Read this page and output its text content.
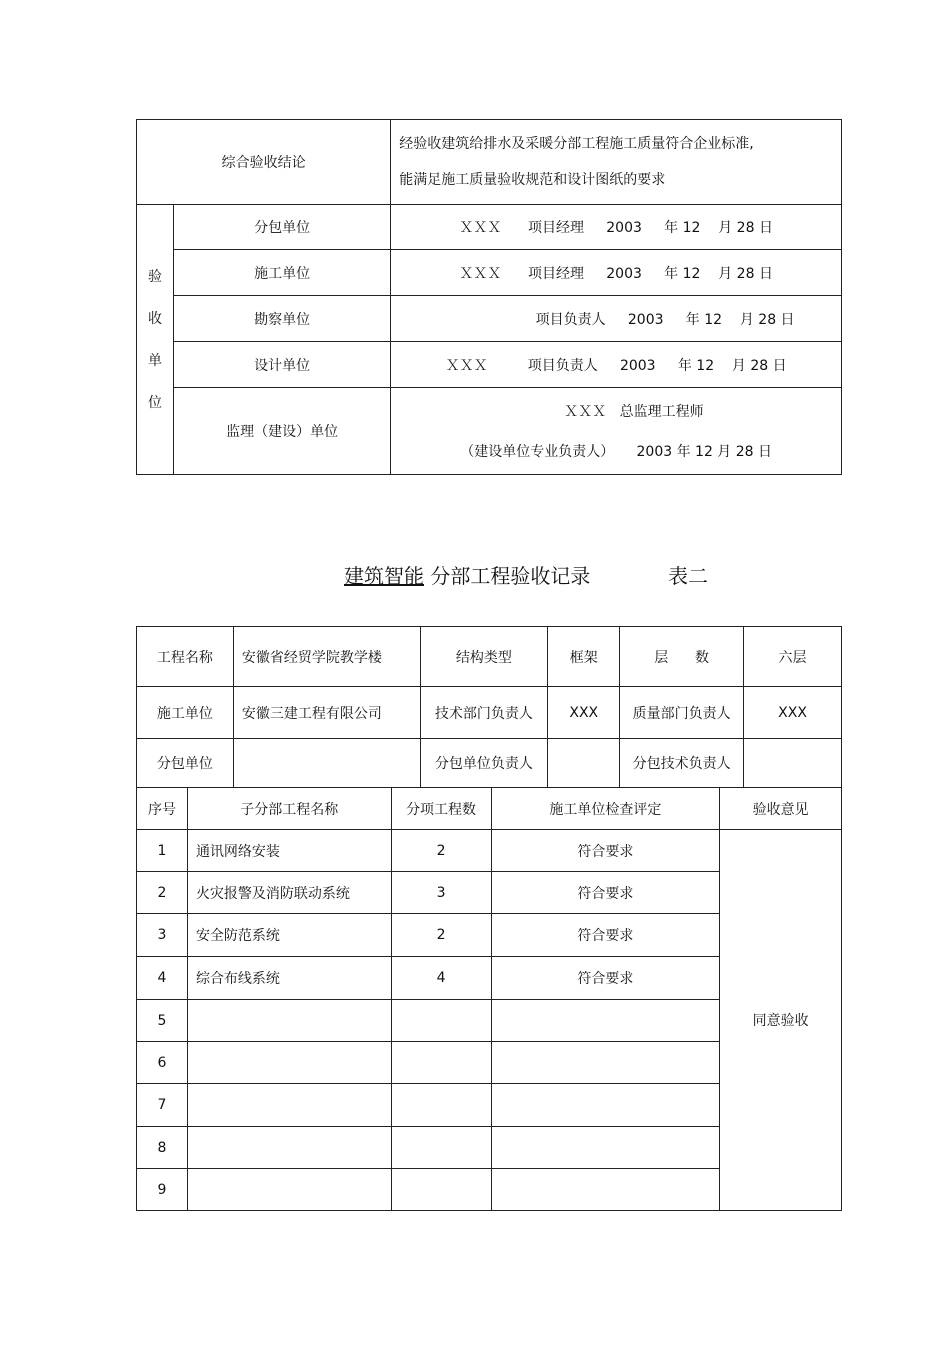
综合验收结论		经验收建筑给排水及采暖分部工程施工质量符合企业标准,
能满足施工质量验收规范和设计图纸的要求

验
收
单
位	分包单位	ＸＸＸ      项目经理     2003     年 12    月 28 日
	施工单位	ＸＸＸ      项目经理     2003     年 12    月 28 日
	勘察单位	项目负责人     2003     年 12    月 28 日
	设计单位	ＸＸＸ         项目负责人     2003     年 12    月 28 日
	监理（建设）单位	ＸＸＸ   总监理工程师
（建设单位专业负责人）     2003 年 12 月 28 日

建筑智能 分部工程验收记录

	表二

工程名称	安徽省经贸学院教学楼	结构类型	框架	层      数	六层
施工单位	安徽三建工程有限公司	技术部门负责人	XXX	质量部门负责人	XXX
分包单位		分包单位负责人		分包技术负责人	
序号	子分部工程名称	分项工程数	施工单位检查评定	验收意见
1	通讯网络安装	2	符合要求	同意验收
2	火灾报警及消防联动系统	3	符合要求	
3	安全防范系统	2	符合要求	
4	综合布线系统	4	符合要求	
5				
6				
7				
8				
9				
